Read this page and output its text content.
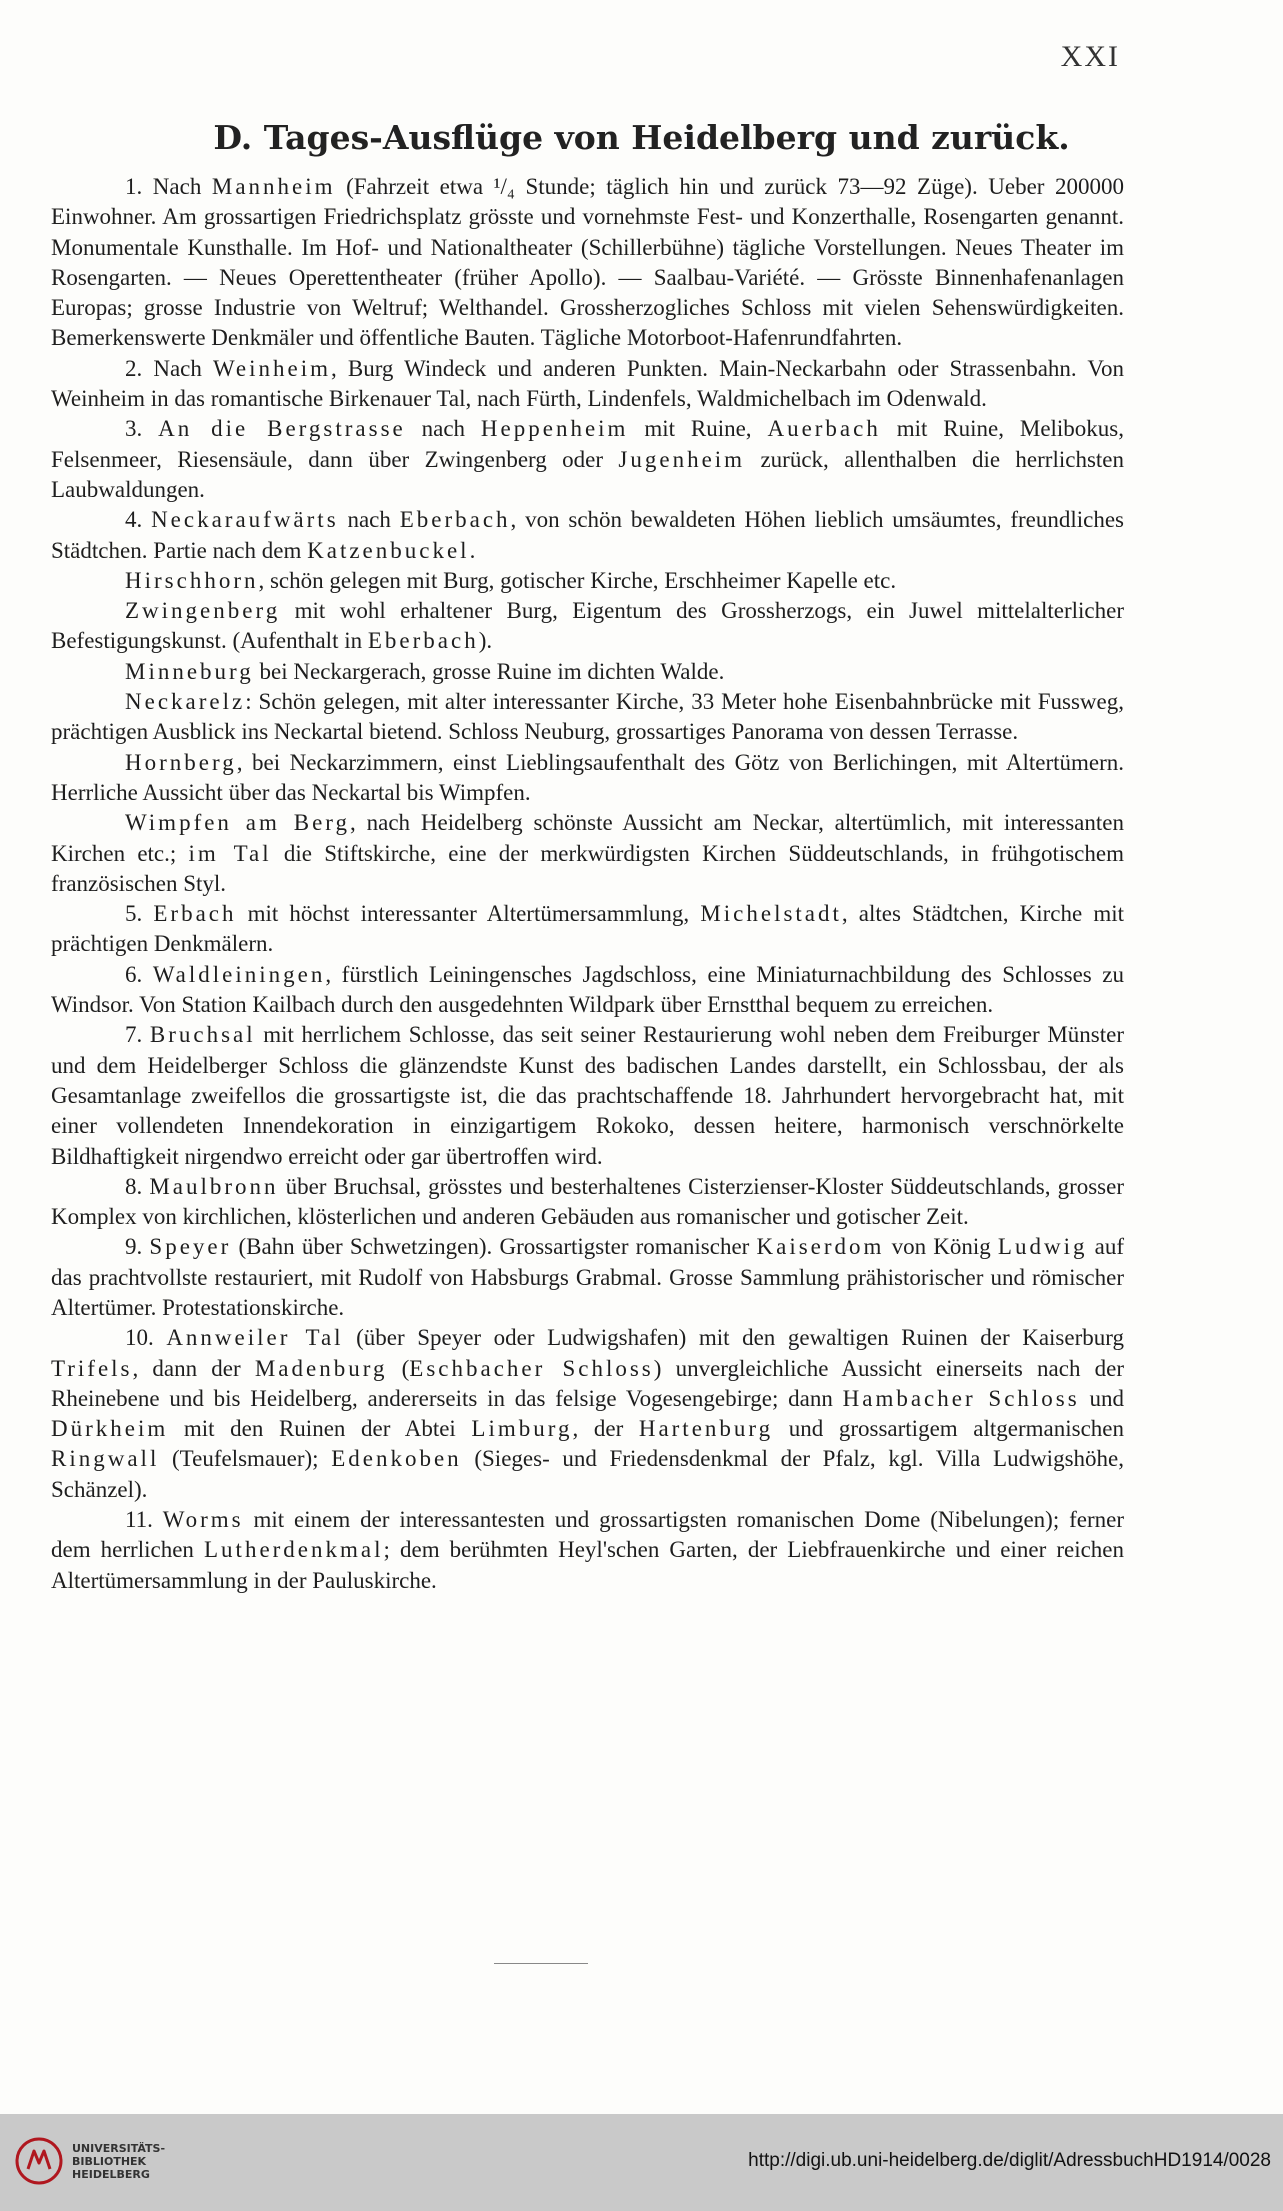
XXI
D. Tages-Ausflüge von Heidelberg und zurück.

1. Nach Mannheim (Fahrzeit etwa ¹/₄ Stunde; täglich hin und zurück 73—92 Züge). Ueber 200000 Einwohner. Am grossartigen Friedrichsplatz grösste und vornehmste Fest- und Konzerthalle, Rosengarten genannt. Monumentale Kunsthalle. Im Hof- und Nationaltheater (Schillerbühne) tägliche Vorstellungen. Neues Theater im Rosengarten. — Neues Operettentheater (früher Apollo). — Saalbau-Variété. — Grösste Binnenhafenanlagen Europas; grosse Industrie von Weltruf; Welthandel. Grossherzogliches Schloss mit vielen Sehenswürdigkeiten. Bemerkenswerte Denkmäler und öffentliche Bauten. Tägliche Motorboot-Hafenrundfahrten.

2. Nach Weinheim, Burg Windeck und anderen Punkten. Main-Neckarbahn oder Strassenbahn. Von Weinheim in das romantische Birkenauer Tal, nach Fürth, Lindenfels, Waldmichelbach im Odenwald.

3. An die Bergstrasse nach Heppenheim mit Ruine, Auerbach mit Ruine, Melibokus, Felsenmeer, Riesensäule, dann über Zwingenberg oder Jugenheim zurück, allenthalben die herrlichsten Laubwaldungen.

4. Neckaraufwärts nach Eberbach, von schön bewaldeten Höhen lieblich umsäumtes, freundliches Städtchen. Partie nach dem Katzenbuckel.

Hirschhorn, schön gelegen mit Burg, gotischer Kirche, Erschheimer Kapelle etc.

Zwingenberg mit wohl erhaltener Burg, Eigentum des Grossherzogs, ein Juwel mittelalterlicher Befestigungskunst. (Aufenthalt in Eberbach).

Minneburg bei Neckargerach, grosse Ruine im dichten Walde.

Neckarelz: Schön gelegen, mit alter interessanter Kirche, 33 Meter hohe Eisenbahnbrücke mit Fussweg, prächtigen Ausblick ins Neckartal bietend. Schloss Neuburg, grossartiges Panorama von dessen Terrasse.

Hornberg, bei Neckarzimmern, einst Lieblingsaufenthalt des Götz von Berlichingen, mit Altertümern. Herrliche Aussicht über das Neckartal bis Wimpfen.

Wimpfen am Berg, nach Heidelberg schönste Aussicht am Neckar, altertümlich, mit interessanten Kirchen etc.; im Tal die Stiftskirche, eine der merkwürdigsten Kirchen Süddeutschlands, in frühgotischem französischen Styl.

5. Erbach mit höchst interessanter Altertümersammlung, Michelstadt, altes Städtchen, Kirche mit prächtigen Denkmälern.

6. Waldleiningen, fürstlich Leiningensches Jagdschloss, eine Miniaturnachbildung des Schlosses zu Windsor. Von Station Kailbach durch den ausgedehnten Wildpark über Ernstthal bequem zu erreichen.

7. Bruchsal mit herrlichem Schlosse, das seit seiner Restaurierung wohl neben dem Freiburger Münster und dem Heidelberger Schloss die glänzendste Kunst des badischen Landes darstellt, ein Schlossbau, der als Gesamtanlage zweifellos die grossartigste ist, die das prachtschaffende 18. Jahrhundert hervorgebracht hat, mit einer vollendeten Innendekoration in einzigartigem Rokoko, dessen heitere, harmonisch verschnörkelte Bildhaftigkeit nirgendwo erreicht oder gar übertroffen wird.

8. Maulbronn über Bruchsal, grösstes und besterhaltenes Cisterzienser-Kloster Süddeutschlands, grosser Komplex von kirchlichen, klösterlichen und anderen Gebäuden aus romanischer und gotischer Zeit.

9. Speyer (Bahn über Schwetzingen). Grossartigster romanischer Kaiserdom von König Ludwig auf das prachtvollste restauriert, mit Rudolf von Habsburgs Grabmal. Grosse Sammlung prähistorischer und römischer Altertümer. Protestationskirche.

10. Annweiler Tal (über Speyer oder Ludwigshafen) mit den gewaltigen Ruinen der Kaiserburg Trifels, dann der Madenburg (Eschbacher Schloss) unvergleichliche Aussicht einerseits nach der Rheinebene und bis Heidelberg, andererseits in das felsige Vogesengebirge; dann Hambacher Schloss und Dürkheim mit den Ruinen der Abtei Limburg, der Hartenburg und grossartigem altgermanischen Ringwall (Teufelsmauer); Edenkoben (Sieges- und Friedensdenkmal der Pfalz, kgl. Villa Ludwigshöhe, Schänzel).

11. Worms mit einem der interessantesten und grossartigsten romanischen Dome (Nibelungen); ferner dem herrlichen Lutherdenkmal; dem berühmten Heyl'schen Garten, der Liebfrauenkirche und einer reichen Altertümersammlung in der Pauluskirche.

UNIVERSITÄTS-
BIBLIOTHEK
HEIDELBERG
http://digi.ub.uni-heidelberg.de/diglit/AdressbuchHD1914/0028
